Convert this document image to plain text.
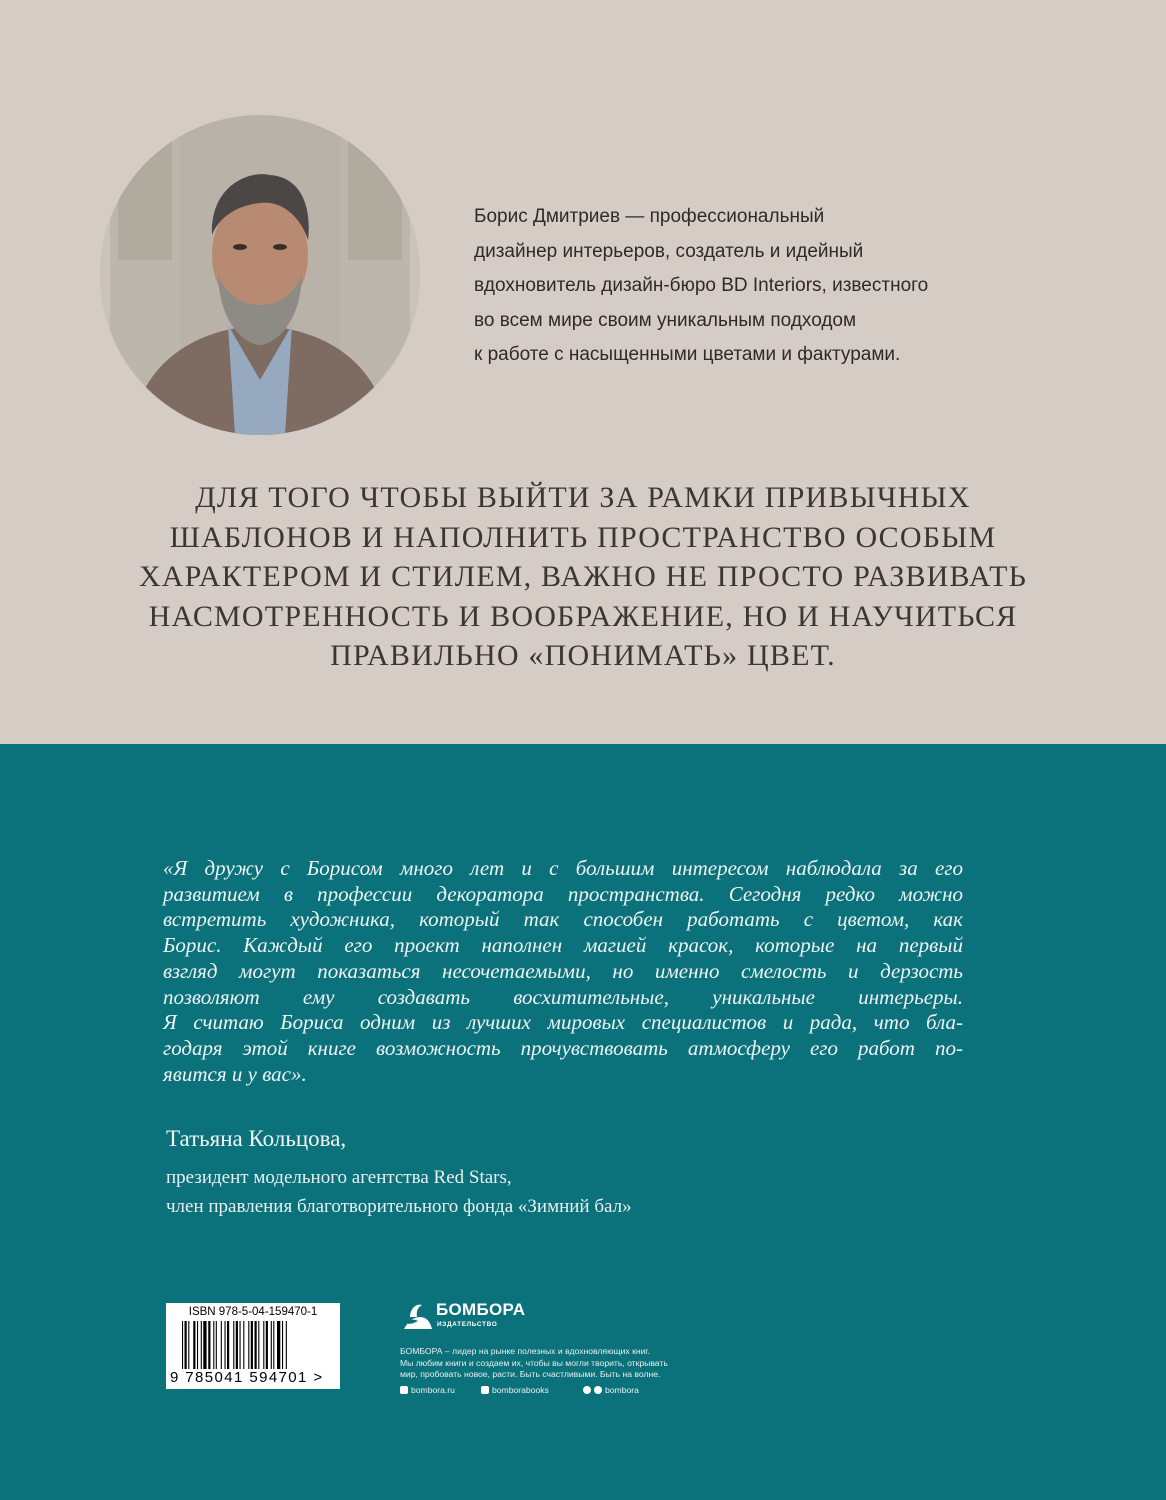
Борис Дмитриев — профессиональный

дизайнер интерьеров, создатель и идейный

вдохновитель дизайн-бюро BD Interiors, известного

во всем мире своим уникальным подходом

к работе с насыщенными цветами и фактурами.

ДЛЯ ТОГО ЧТОБЫ ВЫЙТИ ЗА РАМКИ ПРИВЫЧНЫХ

ШАБЛОНОВ И НАПОЛНИТЬ ПРОСТРАНСТВО ОСОБЫМ

ХАРАКТЕРОМ И СТИЛЕМ, ВАЖНО НЕ ПРОСТО РАЗВИВАТЬ

НАСМОТРЕННОСТЬ И ВООБРАЖЕНИЕ, НО И НАУЧИТЬСЯ

ПРАВИЛЬНО «ПОНИМАТЬ» ЦВЕТ.

«Я дружу с Борисом много лет и с большим интересом наблюдала за его

развитием в профессии декоратора пространства. Сегодня редко можно

встретить художника, который так способен работать с цветом, как

Борис. Каждый его проект наполнен магией красок, которые на первый

взгляд могут показаться несочетаемыми, но именно смелость и дерзость

позволяют ему создавать восхитительные, уникальные интерьеры.

Я считаю Бориса одним из лучших мировых специалистов и рада, что бла-

годаря этой книге возможность прочувствовать атмосферу его работ по-

явится и у вас».

Татьяна Кольцова,
президент модельного агентства Red Stars,
член правления благотворительного фонда «Зимний бал»
ISBN 978-5-04-159470-1
9 785041 594701 >
БОМБОРА
ИЗДАТЕЛЬСТВО

БОМБОРА – лидер на рынке полезных и вдохновляющих книг.

Мы любим книги и создаем их, чтобы вы могли творить, открывать

мир, пробовать новое, расти. Быть счастливыми. Быть на волне.

bombora.ru	bomborabooks	bombora
